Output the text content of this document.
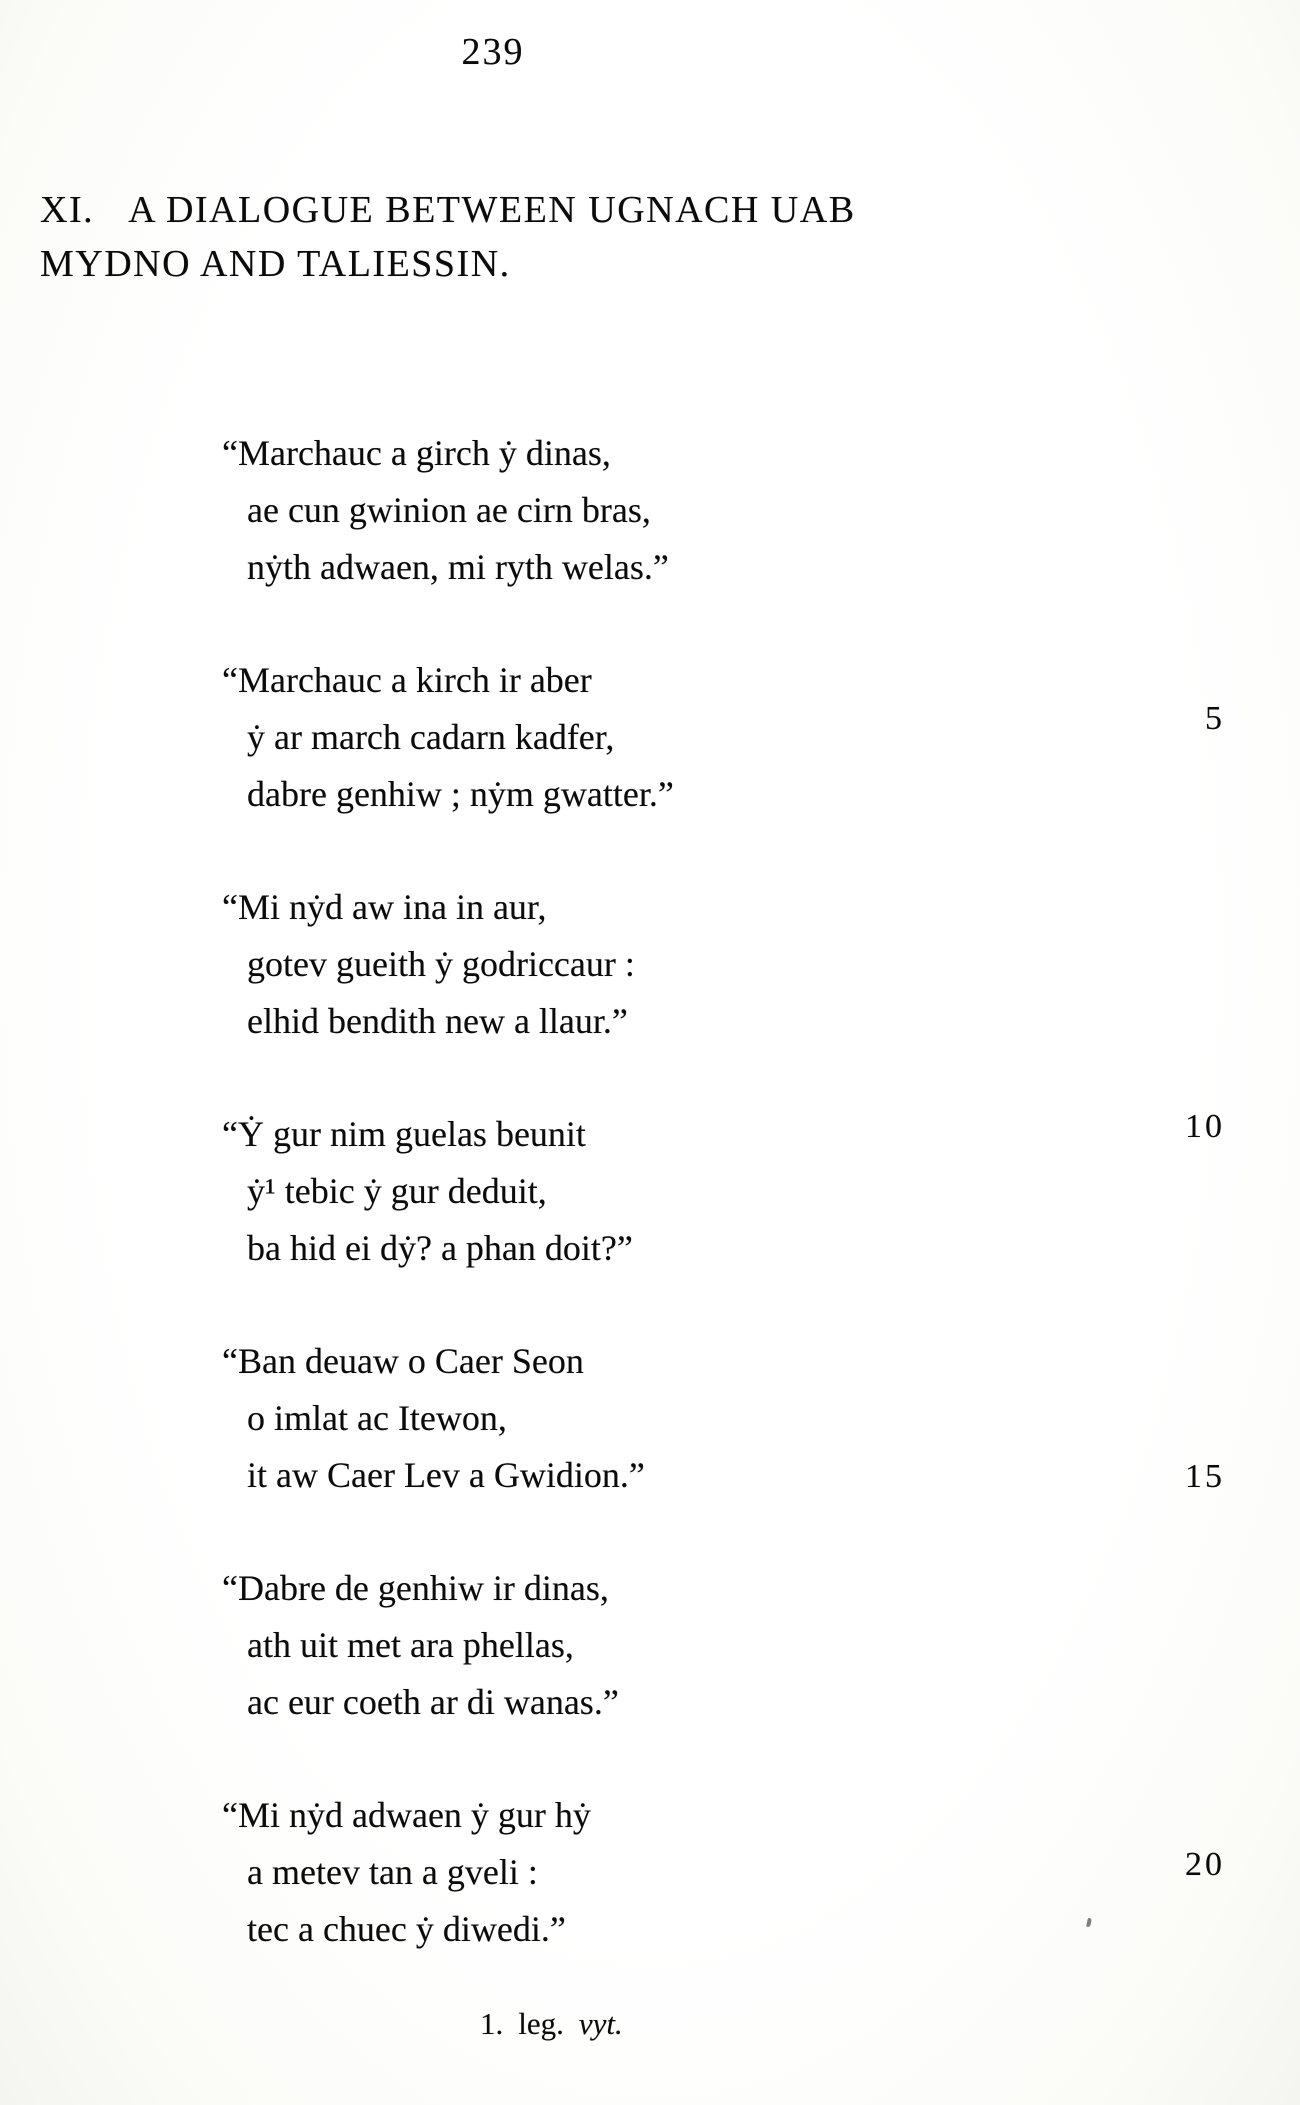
239
XI. A DIALOGUE BETWEEN UGNACH UAB
MYDNO AND TALIESSIN.
“Marchauc a girch ẏ dinas,
ae cun gwinion ae cirn bras,
nẏth adwaen, mi ryth welas.”
“Marchauc a kirch ir aber
ẏ ar march cadarn kadfer,
dabre genhiw ; nẏm gwatter.”
“Mi nẏd aw ina in aur,
gotev gueith ẏ godriccaur :
elhid bendith new a llaur.”
“Ẏ gur nim guelas beunit
ẏ¹ tebic ẏ gur deduit,
ba hid ei dẏ? a phan doit?”
“Ban deuaw o Caer Seon
o imlat ac Itewon,
it aw Caer Lev a Gwidion.”
“Dabre de genhiw ir dinas,
ath uit met ara phellas,
ac eur coeth ar di wanas.”
“Mi nẏd adwaen ẏ gur hẏ
a metev tan a gveli :
tec a chuec ẏ diwedi.”
5
10
15
20
1. leg. vyt.
